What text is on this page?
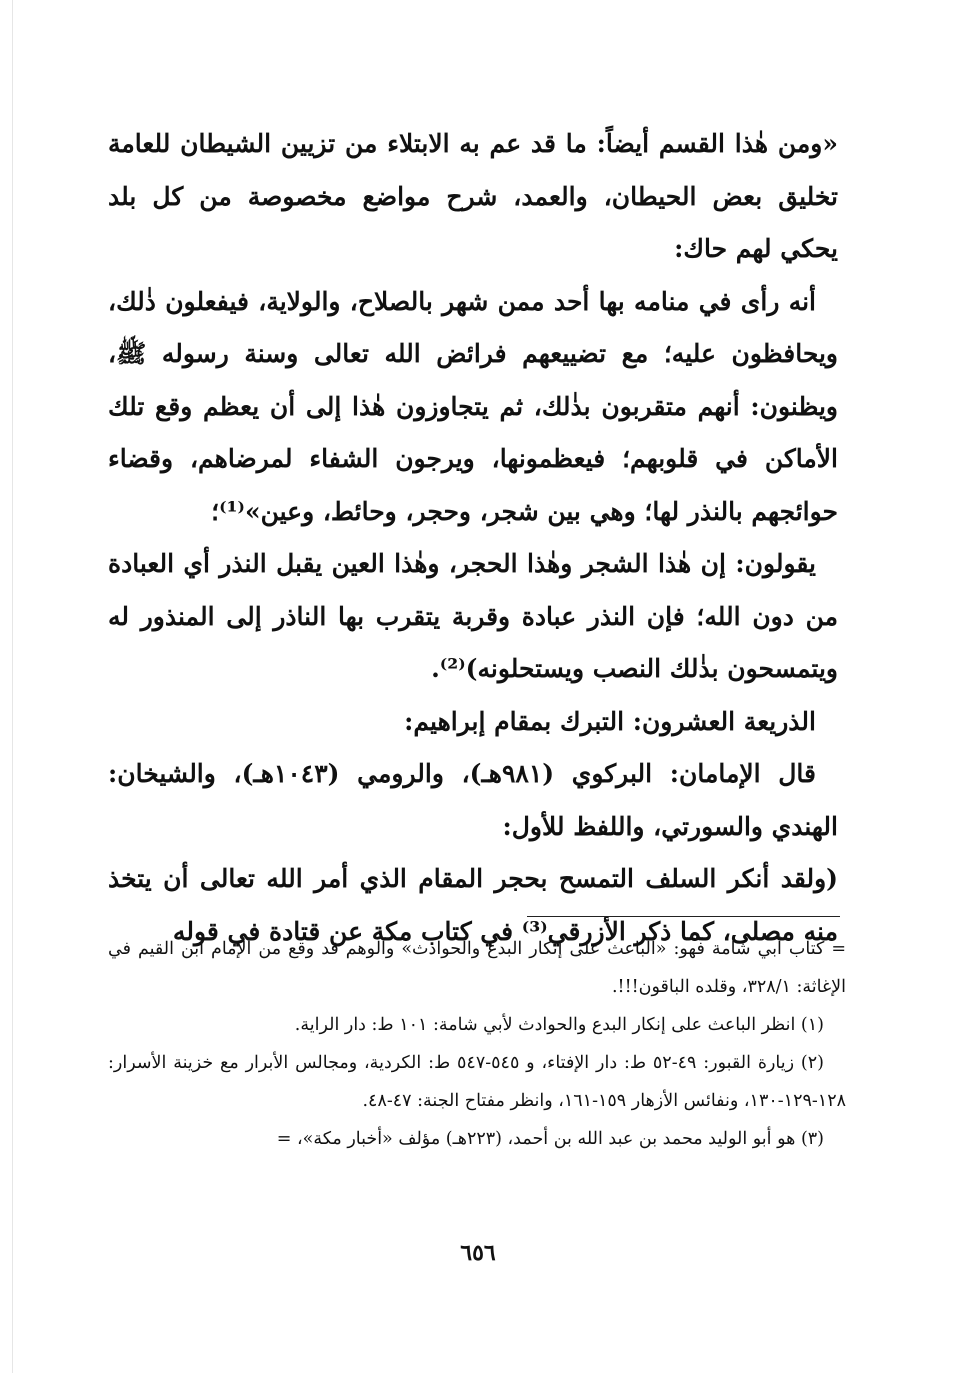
«ومن هٰذا القسم أيضاً: ما قد عم به الابتلاء من تزيين الشيطان للعامة تخليق بعض الحيطان، والعمد، شرح مواضع مخصوصة من كل بلد يحكي لهم حاك:

أنه رأى في منامه بها أحد ممن شهر بالصلاح، والولاية، فيفعلون ذٰلك، ويحافظون عليه؛ مع تضييعهم فرائض الله تعالى وسنة رسوله ﷺ، ويظنون: أنهم متقربون بذٰلك، ثم يتجاوزون هٰذا إلى أن يعظم وقع تلك الأماكن في قلوبهم؛ فيعظمونها، ويرجون الشفاء لمرضاهم، وقضاء حوائجهم بالنذر لها؛ وهي بين شجر، وحجر، وحائط، وعين»⁽¹⁾؛

يقولون: إن هٰذا الشجر وهٰذا الحجر، وهٰذا العين يقبل النذر أي العبادة من دون الله؛ فإن النذر عبادة وقربة يتقرب بها الناذر إلى المنذور له ويتمسحون بذٰلك النصب ويستحلونه)⁽²⁾.

الذريعة العشرون: التبرك بمقام إبراهيم:

قال الإمامان: البركوي (٩٨١هـ)، والرومي (١٠٤٣هـ)، والشيخان: الهندي والسورتي، واللفظ للأول:

(ولقد أنكر السلف التمسح بحجر المقام الذي أمر الله تعالى أن يتخذ منه مصلى، كما ذكر الأزرقي⁽³⁾ في كتاب مكة عن قتادة في قوله

= كتاب أبي شامة فهو: «الباعث على إنكار البدع والحوادث» والوهم قد وقع من الإمام ابن القيم في الإغاثة: ٣٢٨/١، وقلده الباقون!!!.

(١) انظر الباعث على إنكار البدع والحوادث لأبي شامة: ١٠١ ط: دار الراية.

(٢) زيارة القبور: ٤٩-٥٢ ط: دار الإفتاء، و ٥٤٥-٥٤٧ ط: الكردية، ومجالس الأبرار مع خزينة الأسرار: ١٢٨-١٢٩-١٣٠، ونفائس الأزهار ١٥٩-١٦١، وانظر مفتاح الجنة: ٤٧-٤٨.

(٣) هو أبو الوليد محمد بن عبد الله بن أحمد، (٢٢٣هـ) مؤلف «أخبار مكة»، =

٦٥٦
